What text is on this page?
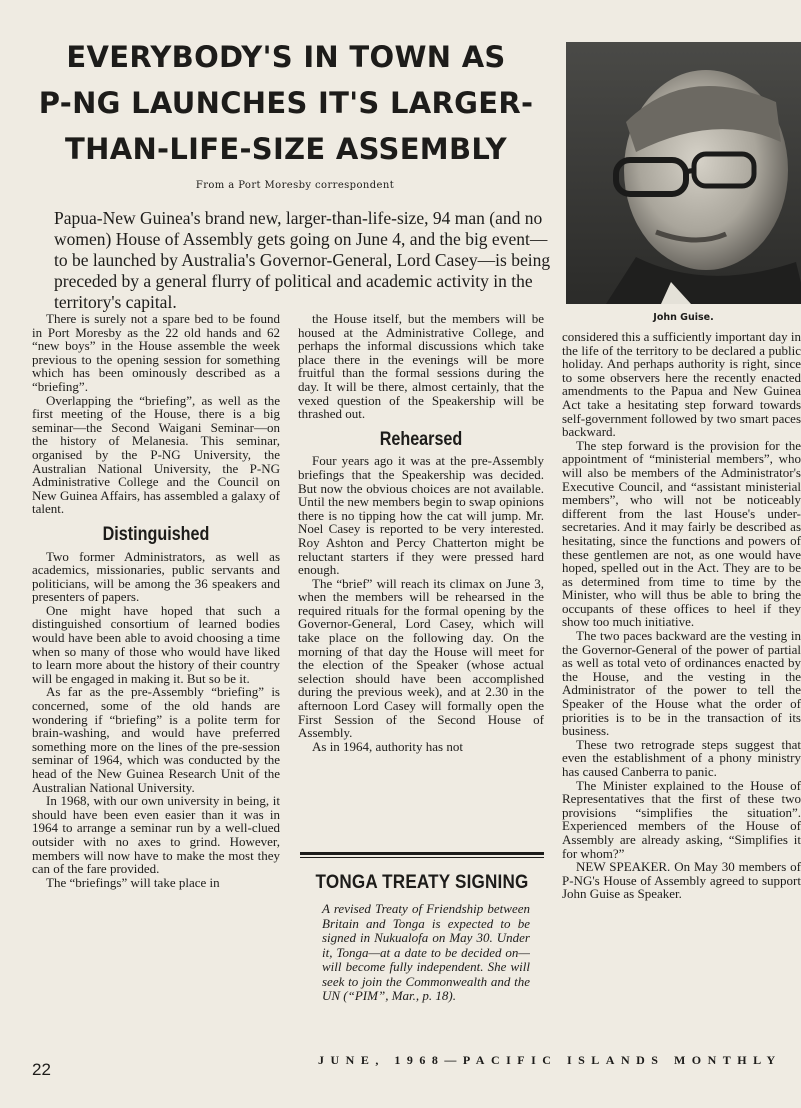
EVERYBODY'S IN TOWN AS
P-NG LAUNCHES IT'S LARGER-
THAN-LIFE-SIZE ASSEMBLY
From a Port Moresby correspondent
Papua-New Guinea's brand new, larger-than-life-size, 94 man (and no women) House of Assembly gets going on June 4, and the big event—to be launched by Australia's Governor-General, Lord Casey—is being preceded by a general flurry of political and academic activity in the territory's capital.
John Guise.

There is surely not a spare bed to be found in Port Moresby as the 22 old hands and 62 “new boys” in the House assemble the week previous to the opening session for something which has been ominously described as a “briefing”.

Overlapping the “briefing”, as well as the first meeting of the House, there is a big seminar—the Second Waigani Seminar—on the history of Melanesia. This seminar, organised by the P-NG University, the Australian National University, the P-NG Administrative College and the Council on New Guinea Affairs, has assembled a galaxy of talent.

Distinguished

Two former Administrators, as well as academics, missionaries, public servants and politicians, will be among the 36 speakers and presenters of papers.

One might have hoped that such a distinguished consortium of learned bodies would have been able to avoid choosing a time when so many of those who would have liked to learn more about the history of their country will be engaged in making it. But so be it.

As far as the pre-Assembly “briefing” is concerned, some of the old hands are wondering if “briefing” is a polite term for brain-washing, and would have preferred something more on the lines of the pre-session seminar of 1964, which was conducted by the head of the New Guinea Research Unit of the Australian National University.

In 1968, with our own university in being, it should have been even easier than it was in 1964 to arrange a seminar run by a well-clued outsider with no axes to grind. However, members will now have to make the most they can of the fare provided.

The “briefings” will take place in

the House itself, but the members will be housed at the Administrative College, and perhaps the informal discussions which take place there in the evenings will be more fruitful than the formal sessions during the day. It will be there, almost certainly, that the vexed question of the Speakership will be thrashed out.

Rehearsed

Four years ago it was at the pre-Assembly briefings that the Speakership was decided. But now the obvious choices are not available. Until the new members begin to swap opinions there is no tipping how the cat will jump. Mr. Noel Casey is reported to be very interested. Roy Ashton and Percy Chatterton might be reluctant starters if they were pressed hard enough.

The “brief” will reach its climax on June 3, when the members will be rehearsed in the required rituals for the formal opening by the Governor-General, Lord Casey, which will take place on the following day. On the morning of that day the House will meet for the election of the Speaker (whose actual selection should have been accomplished during the previous week), and at 2.30 in the afternoon Lord Casey will formally open the First Session of the Second House of Assembly.

As in 1964, authority has not

TONGA TREATY SIGNING
A revised Treaty of Friendship between Britain and Tonga is expected to be signed in Nukualofa on May 30. Under it, Tonga—at a date to be decided on—will become fully independent. She will seek to join the Commonwealth and the UN (“PIM”, Mar., p. 18).

considered this a sufficiently important day in the life of the territory to be declared a public holiday. And perhaps authority is right, since to some observers here the recently enacted amendments to the Papua and New Guinea Act take a hesitating step forward towards self-government followed by two smart paces backward.

The step forward is the provision for the appointment of “ministerial members”, who will also be members of the Administrator's Executive Council, and “assistant ministerial members”, who will not be noticeably different from the last House's under-secretaries. And it may fairly be described as hesitating, since the functions and powers of these gentlemen are not, as one would have hoped, spelled out in the Act. They are to be as determined from time to time by the Minister, who will thus be able to bring the occupants of these offices to heel if they show too much initiative.

The two paces backward are the vesting in the Governor-General of the power of partial as well as total veto of ordinances enacted by the House, and the vesting in the Administrator of the power to tell the Speaker of the House what the order of priorities is to be in the transaction of its business.

These two retrograde steps suggest that even the establishment of a phony ministry has caused Canberra to panic.

The Minister explained to the House of Representatives that the first of these two provisions “simplifies the situation”. Experienced members of the House of Assembly are already asking, “Simplifies it for whom?”

NEW SPEAKER. On May 30 members of P-NG's House of Assembly agreed to support John Guise as Speaker.

22	JUNE, 1968—PACIFIC ISLANDS MONTHLY
